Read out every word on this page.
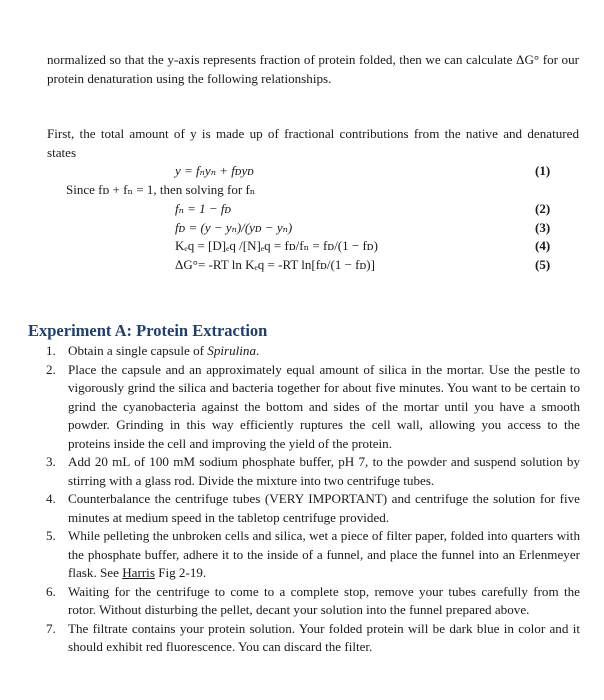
normalized so that the y-axis represents fraction of protein folded, then we can calculate ΔG° for our protein denaturation using the following relationships.

First, the total amount of y is made up of fractional contributions from the native and denatured states

y = fₙyₙ + fᴅyᴅ	(1)
Since fᴅ + fₙ = 1, then solving for fₙ
fₙ = 1 − fᴅ	(2)
fᴅ = (y − yₙ)/(yᴅ − yₙ)	(3)
Kₑq = [D]ₑq /[N]ₑq = fᴅ/fₙ = fᴅ/(1 − fᴅ)	(4)
ΔG°= -RT ln Kₑq = -RT ln[fᴅ/(1 − fᴅ)]	(5)
Experiment A: Protein Extraction
1. Obtain a single capsule of Spirulina.
2. Place the capsule and an approximately equal amount of silica in the mortar. Use the pestle to vigorously grind the silica and bacteria together for about five minutes. You want to be certain to grind the cyanobacteria against the bottom and sides of the mortar until you have a smooth powder. Grinding in this way efficiently ruptures the cell wall, allowing you access to the proteins inside the cell and improving the yield of the protein.
3. Add 20 mL of 100 mM sodium phosphate buffer, pH 7, to the powder and suspend solution by stirring with a glass rod. Divide the mixture into two centrifuge tubes.
4. Counterbalance the centrifuge tubes (VERY IMPORTANT) and centrifuge the solution for five minutes at medium speed in the tabletop centrifuge provided.
5. While pelleting the unbroken cells and silica, wet a piece of filter paper, folded into quarters with the phosphate buffer, adhere it to the inside of a funnel, and place the funnel into an Erlenmeyer flask. See Harris Fig 2-19.
6. Waiting for the centrifuge to come to a complete stop, remove your tubes carefully from the rotor. Without disturbing the pellet, decant your solution into the funnel prepared above.
7. The filtrate contains your protein solution. Your folded protein will be dark blue in color and it should exhibit red fluorescence. You can discard the filter.
